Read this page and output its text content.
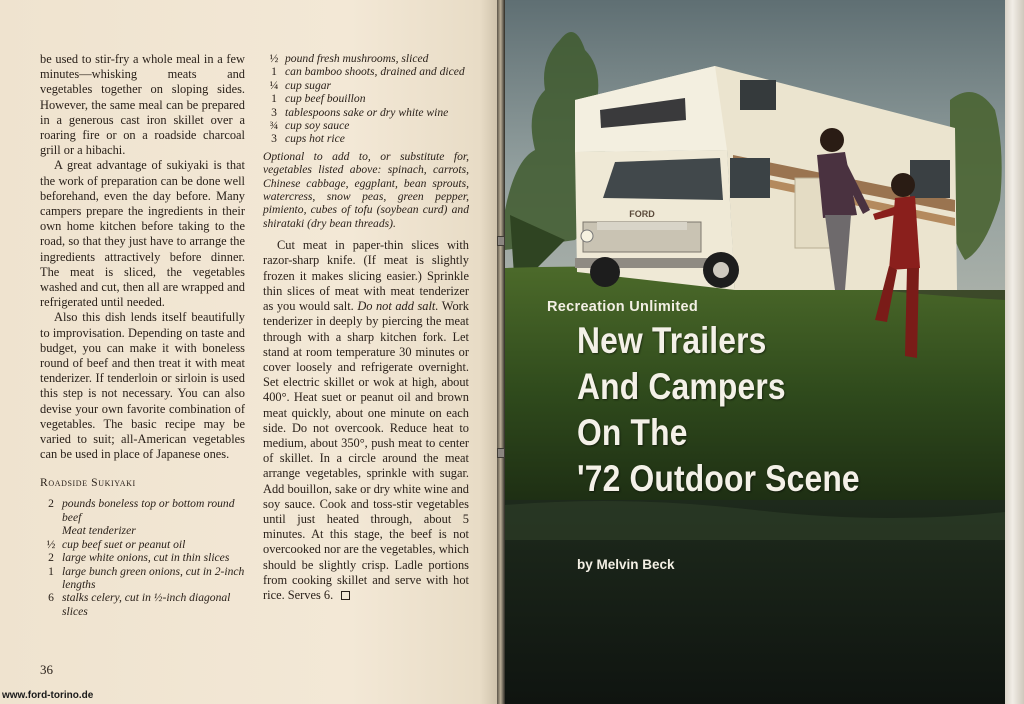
be used to stir-fry a whole meal in a few minutes—whisking meats and vegetables together on sloping sides. However, the same meal can be prepared in a generous cast iron skillet over a roaring fire or on a roadside charcoal grill or a hibachi.

A great advantage of sukiyaki is that the work of preparation can be done well beforehand, even the day before. Many campers prepare the ingredients in their own home kitchen before taking to the road, so that they just have to arrange the ingredients attractively before dinner. The meat is sliced, the vegetables washed and cut, then all are wrapped and refrigerated until needed.

Also this dish lends itself beautifully to improvisation. Depending on taste and budget, you can make it with boneless round of beef and then treat it with meat tenderizer. If tenderloin or sirloin is used this step is not necessary. You can also devise your own favorite combination of vegetables. The basic recipe may be varied to suit; all-American vegetables can be used in place of Japanese ones.

Roadside Sukiyaki
2 pounds boneless top or bottom round beef
Meat tenderizer
½ cup beef suet or peanut oil
2 large white onions, cut in thin slices
1 large bunch green onions, cut in 2-inch lengths
6 stalks celery, cut in ½-inch diagonal slices
½ pound fresh mushrooms, sliced
1 can bamboo shoots, drained and diced
¼ cup sugar
1 cup beef bouillon
3 tablespoons sake or dry white wine
¾ cup soy sauce
3 cups hot rice

Optional to add to, or substitute for, vegetables listed above: spinach, carrots, Chinese cabbage, eggplant, bean sprouts, watercress, snow peas, green pepper, pimiento, cubes of tofu (soybean curd) and shirataki (dry bean threads).

Cut meat in paper-thin slices with razor-sharp knife. (If meat is slightly frozen it makes slicing easier.) Sprinkle thin slices of meat with meat tenderizer as you would salt. Do not add salt. Work tenderizer in deeply by piercing the meat through with a sharp kitchen fork. Let stand at room temperature 30 minutes or cover loosely and refrigerate overnight. Set electric skillet or wok at high, about 400°. Heat suet or peanut oil and brown meat quickly, about one minute on each side. Do not overcook. Reduce heat to medium, about 350°, push meat to center of skillet. In a circle around the meat arrange vegetables, sprinkle with sugar. Add bouillon, sake or dry white wine and soy sauce. Cook and toss-stir vegetables until just heated through, about 5 minutes. At this stage, the beef is not overcooked nor are the vegetables, which should be slightly crisp. Ladle portions from cooking skillet and serve with hot rice. Serves 6.

36
www.ford-torino.de
FORD
Recreation Unlimited
New Trailers
And Campers
On The
'72 Outdoor Scene
by Melvin Beck
